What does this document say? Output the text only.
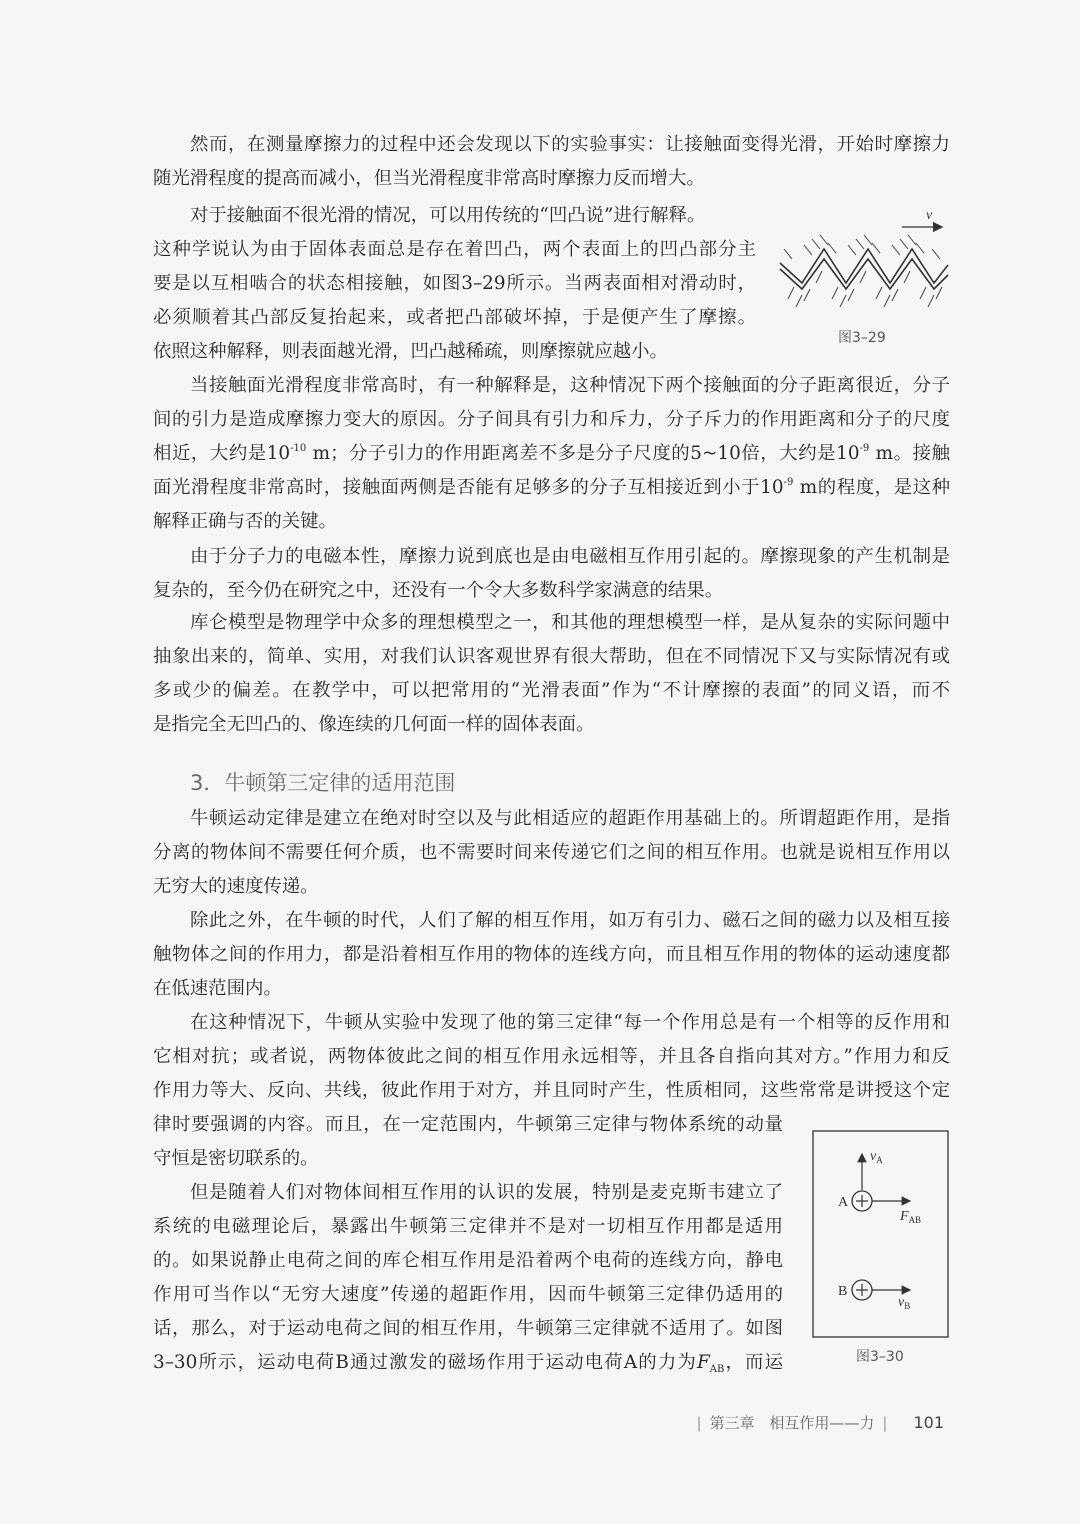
然而，在测量摩擦力的过程中还会发现以下的实验事实：让接触面变得光滑，开始时摩擦力
随光滑程度的提高而减小，但当光滑程度非常高时摩擦力反而增大。
对于接触面不很光滑的情况，可以用传统的“凹凸说”进行解释。
这种学说认为由于固体表面总是存在着凹凸，两个表面上的凹凸部分主
要是以互相啮合的状态相接触，如图3–29所示。当两表面相对滑动时，
必须顺着其凸部反复抬起来，或者把凸部破坏掉，于是便产生了摩擦。
依照这种解释，则表面越光滑，凹凸越稀疏，则摩擦就应越小。
v
图3–29
当接触面光滑程度非常高时，有一种解释是，这种情况下两个接触面的分子距离很近，分子
间的引力是造成摩擦力变大的原因。分子间具有引力和斥力，分子斥力的作用距离和分子的尺度
相近，大约是$10^{-10}$ m；分子引力的作用距离差不多是分子尺度的5~10倍，大约是$10^{-9}$ m。接触
面光滑程度非常高时，接触面两侧是否能有足够多的分子互相接近到小于$10^{-9}$ m的程度，是这种
解释正确与否的关键。
由于分子力的电磁本性，摩擦力说到底也是由电磁相互作用引起的。摩擦现象的产生机制是
复杂的，至今仍在研究之中，还没有一个令大多数科学家满意的结果。
库仑模型是物理学中众多的理想模型之一，和其他的理想模型一样，是从复杂的实际问题中
抽象出来的，简单、实用，对我们认识客观世界有很大帮助，但在不同情况下又与实际情况有或
多或少的偏差。在教学中，可以把常用的“光滑表面”作为“不计摩擦的表面”的同义语，而不
是指完全无凹凸的、像连续的几何面一样的固体表面。
3．牛顿第三定律的适用范围
牛顿运动定律是建立在绝对时空以及与此相适应的超距作用基础上的。所谓超距作用，是指
分离的物体间不需要任何介质，也不需要时间来传递它们之间的相互作用。也就是说相互作用以
无穷大的速度传递。
除此之外，在牛顿的时代，人们了解的相互作用，如万有引力、磁石之间的磁力以及相互接
触物体之间的作用力，都是沿着相互作用的物体的连线方向，而且相互作用的物体的运动速度都
在低速范围内。
在这种情况下，牛顿从实验中发现了他的第三定律“每一个作用总是有一个相等的反作用和
它相对抗；或者说，两物体彼此之间的相互作用永远相等，并且各自指向其对方。”作用力和反
作用力等大、反向、共线，彼此作用于对方，并且同时产生，性质相同，这些常常是讲授这个定
律时要强调的内容。而且，在一定范围内，牛顿第三定律与物体系统的动量
守恒是密切联系的。
但是随着人们对物体间相互作用的认识的发展，特别是麦克斯韦建立了
系统的电磁理论后，暴露出牛顿第三定律并不是对一切相互作用都是适用
的。如果说静止电荷之间的库仑相互作用是沿着两个电荷的连线方向，静电
作用可当作以“无穷大速度”传递的超距作用，因而牛顿第三定律仍适用的
话，那么，对于运动电荷之间的相互作用，牛顿第三定律就不适用了。如图
3–30所示，运动电荷B通过激发的磁场作用于运动电荷A的力为$F_{AB}$，而运
$v_A$
A
$F_{AB}$
B
$v_B$
图3–30
| 第三章 相互作用——力 | 101
